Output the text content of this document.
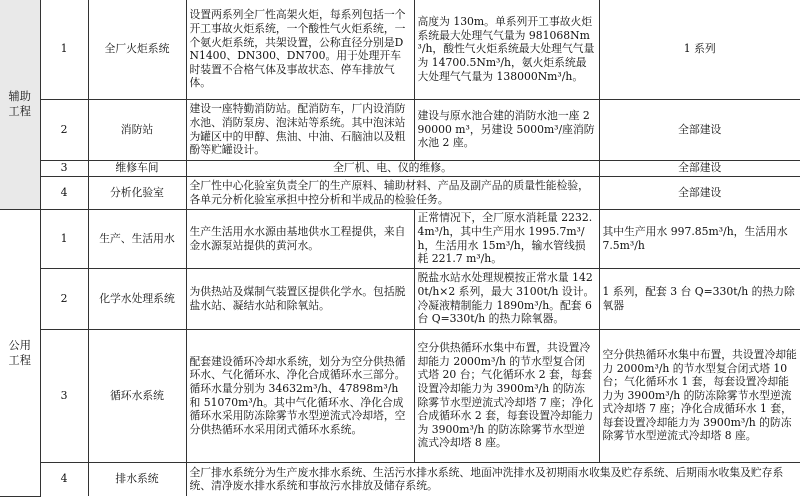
辅助
工程	1	全厂火炬系统	设置两系列全厂性高架火炬，每系列包括一个开工事故火炬系统，一个酸性气火炬系统，一个氨火炬系统，共架设置，公称直径分别是DN1400、DN300、DN700。用于处理开车时装置不合格气体及事故状态、停车排放气体。	高度为 130m。单系列开工事故火炬系统最大处理气气量为 981068Nm³/h，酸性气火炬系统最大处理气气量为 14700.5Nm³/h，氨火炬系统最大处理气气量为 138000Nm³/h。	1 系列
	2	消防站	建设一座特勤消防站。配消防车，厂内设消防水池、消防泵房、泡沫站等系统。其中泡沫站为罐区中的甲醇、焦油、中油、石脑油以及粗酚等贮罐设计。	建设与原水池合建的消防水池一座 290000 m³，另建设 5000m³/座消防水池 2 座。	全部建设
	3	维修车间	全厂机、电、仪的维修。		全部建设
	4	分析化验室	全厂性中心化验室负责全厂的生产原料、辅助材料、产品及副产品的质量性能检验，各单元分析化验室承担中控分析和半成品的检验任务。		全部建设
公用
工程	1	生产、生活用水	生产生活用水水源由基地供水工程提供，来自金水源泵站提供的黄河水。	正常情况下，全厂原水消耗量 2232.4m³/h，其中生产用水 1995.7m³/h，生活用水 15m³/h，输水管线损耗 221.7 m³/h。	其中生产用水 997.85m³/h，生活用水 7.5m³/h
	2	化学水处理系统	为供热站及煤制气装置区提供化学水。包括脱盐水站、凝结水站和除氧站。	脱盐水站水处理规模按正常水量 1420t/h×2 系列，最大 3100t/h 设计。冷凝液精制能力 1890m³/h。配套 6 台 Q=330t/h 的热力除氧器。	1 系列，配套 3 台 Q=330t/h 的热力除氧器
	3	循环水系统	配套建设循环冷却水系统，划分为空分供热循环水、气化循环水、净化合成循环水三部分。循环水量分别为 34632m³/h、47898m³/h 和 51070m³/h。其中气化循环水、净化合成循环水采用防冻除雾节水型逆流式冷却塔，空分供热循环水采用闭式循环水系统。	空分供热循环水集中布置，共设置冷却能力 2000m³/h 的节水型复合闭式塔 20 台；气化循环水 2 套，每套设置冷却能力为 3900m³/h 的防冻除雾节水型逆流式冷却塔 7 座；净化合成循环水 2 套，每套设置冷却能力为 3900m³/h 的防冻除雾节水型逆流式冷却塔 8 座。	空分供热循环水集中布置，共设置冷却能力 2000m³/h 的节水型复合闭式塔 10 台；气化循环水 1 套，每套设置冷却能力为 3900m³/h 的防冻除雾节水型逆流式冷却塔 7 座；净化合成循环水 1 套，每套设置冷却能力为 3900m³/h 的防冻除雾节水型逆流式冷却塔 8 座。
	4	排水系统	全厂排水系统分为生产废水排水系统、生活污水排水系统、地面冲洗排水及初期雨水收集及贮存系统、后期雨水收集及贮存系统、清净废水排水系统和事故污水排放及储存系统。		
